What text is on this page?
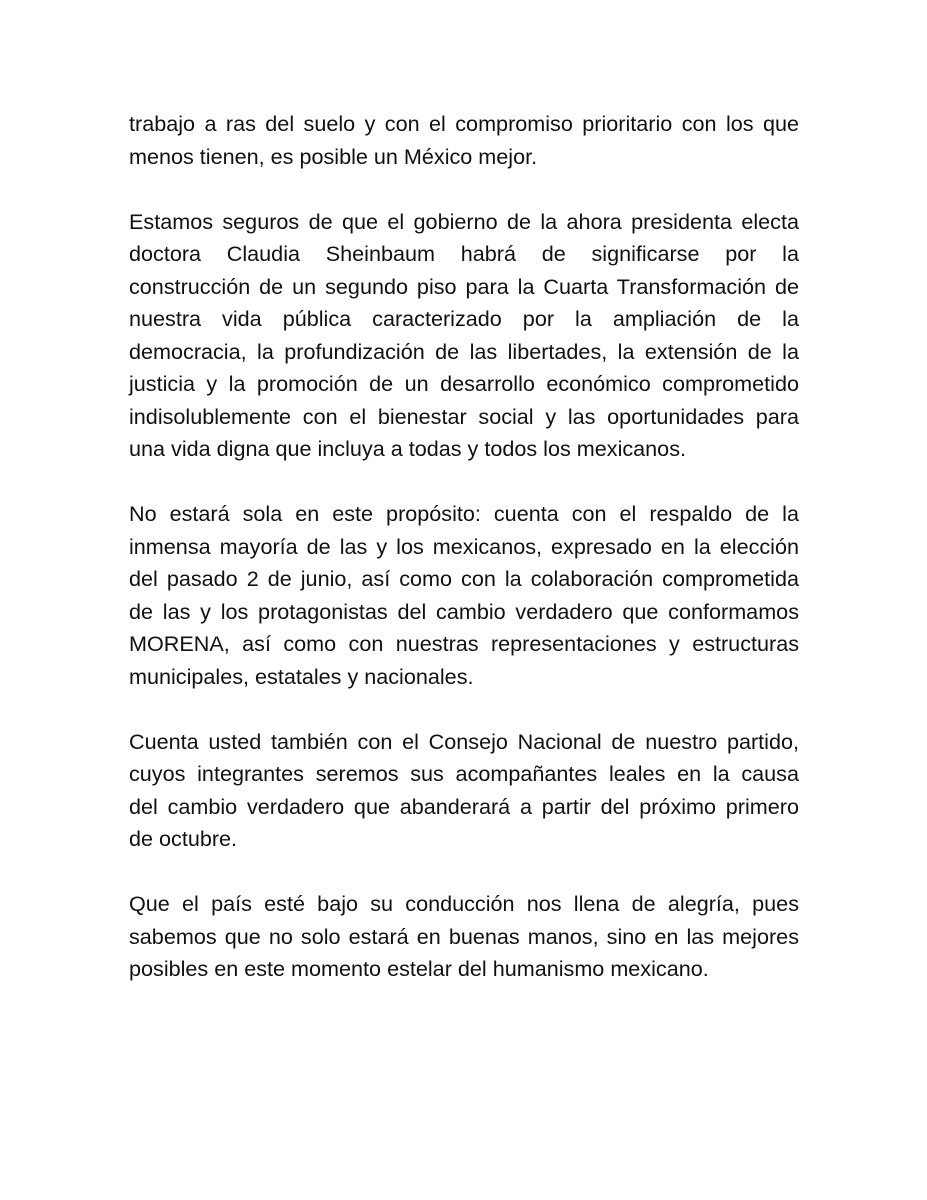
trabajo a ras del suelo y con el compromiso prioritario con los que
menos tienen, es posible un México mejor.
Estamos seguros de que el gobierno de la ahora presidenta electa
doctora Claudia Sheinbaum habrá de significarse por la
construcción de un segundo piso para la Cuarta Transformación de
nuestra vida pública caracterizado por la ampliación de la
democracia, la profundización de las libertades, la extensión de la
justicia y la promoción de un desarrollo económico comprometido
indisolublemente con el bienestar social y las oportunidades para
una vida digna que incluya a todas y todos los mexicanos.
No estará sola en este propósito: cuenta con el respaldo de la
inmensa mayoría de las y los mexicanos, expresado en la elección
del pasado 2 de junio, así como con la colaboración comprometida
de las y los protagonistas del cambio verdadero que conformamos
MORENA, así como con nuestras representaciones y estructuras
municipales, estatales y nacionales.
Cuenta usted también con el Consejo Nacional de nuestro partido,
cuyos integrantes seremos sus acompañantes leales en la causa
del cambio verdadero que abanderará a partir del próximo primero
de octubre.
Que el país esté bajo su conducción nos llena de alegría, pues
sabemos que no solo estará en buenas manos, sino en las mejores
posibles en este momento estelar del humanismo mexicano.
